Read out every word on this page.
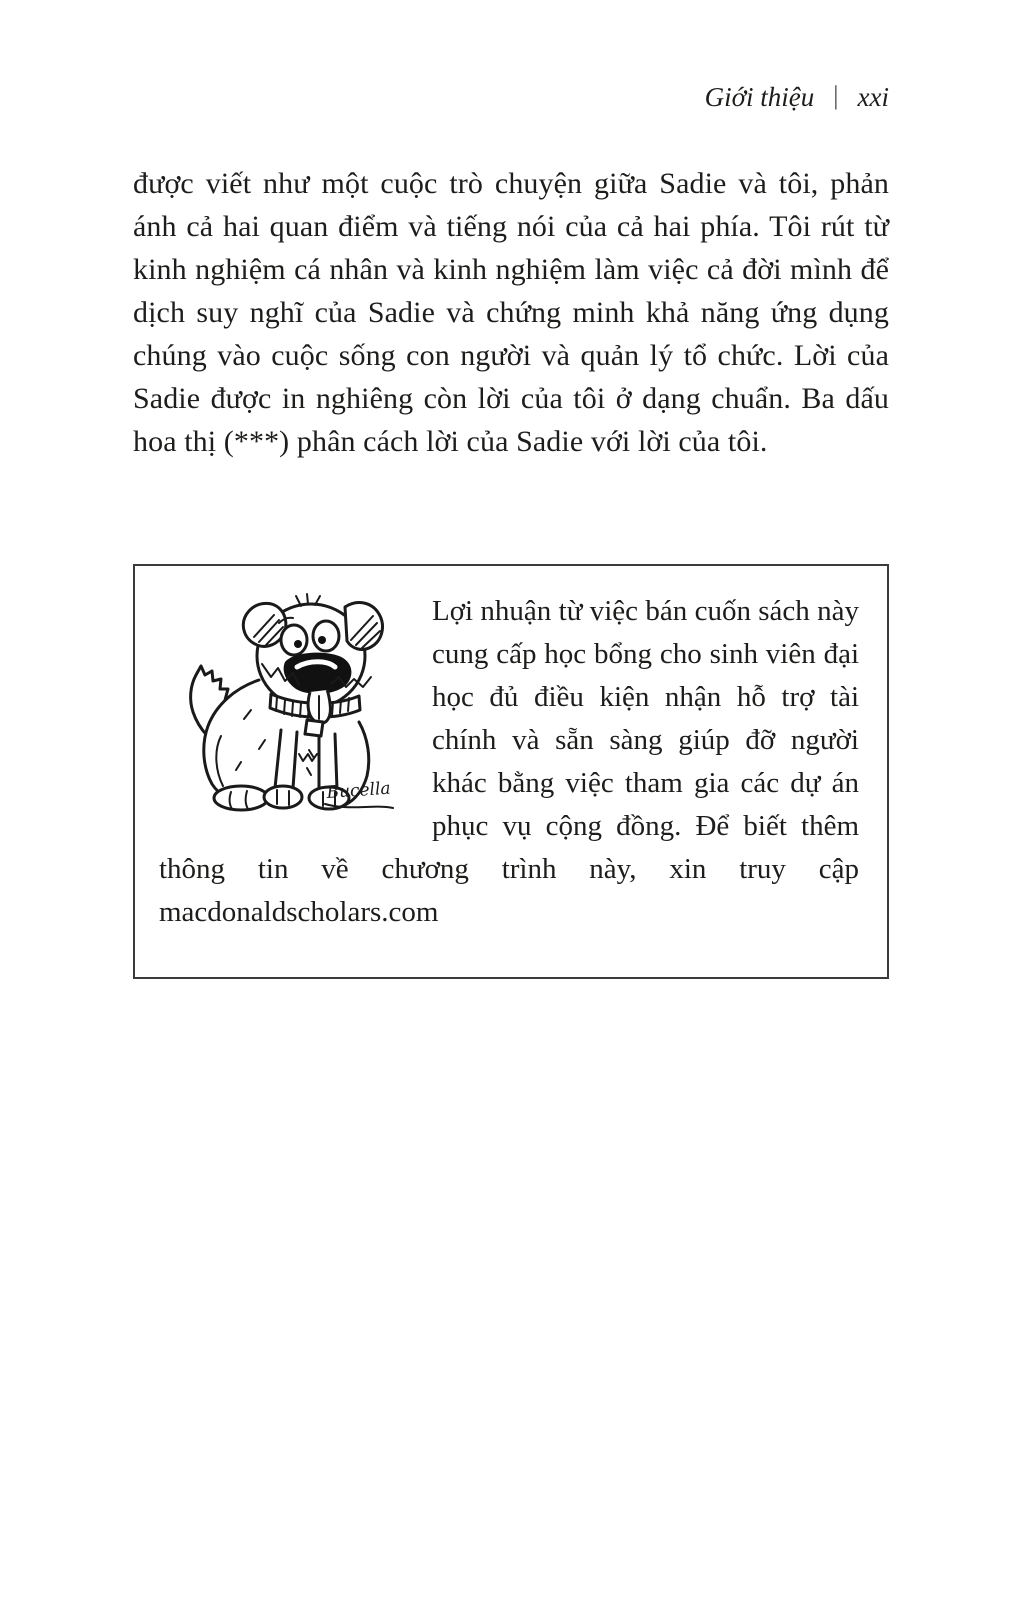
Giới thiệu | xxi

được viết như một cuộc trò chuyện giữa Sadie và tôi, phản ánh cả hai quan điểm và tiếng nói của cả hai phía. Tôi rút từ kinh nghiệm cá nhân và kinh nghiệm làm việc cả đời mình để dịch suy nghĩ của Sadie và chứng minh khả năng ứng dụng chúng vào cuộc sống con người và quản lý tổ chức. Lời của Sadie được in nghiêng còn lời của tôi ở dạng chuẩn. Ba dấu hoa thị (***) phân cách lời của Sadie với lời của tôi.

Bucella

Lợi nhuận từ việc bán cuốn sách này cung cấp học bổng cho sinh viên đại học đủ điều kiện nhận hỗ trợ tài chính và sẵn sàng giúp đỡ người khác bằng việc tham gia các dự án phục vụ cộng đồng. Để biết thêm thông tin về chương trình này, xin truy cập macdonaldscholars.com
